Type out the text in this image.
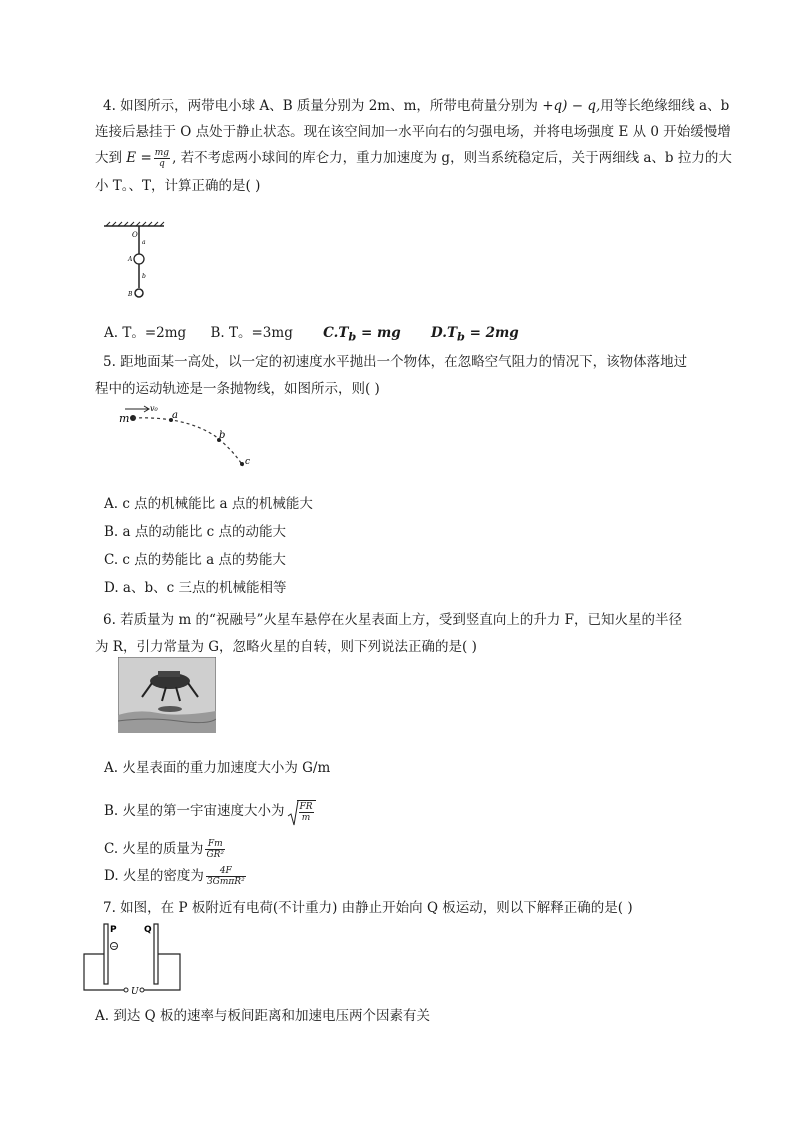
4. 如图所示，两带电小球 A、B 质量分别为 2m、m，所带电荷量分别为 +q) − q,用等长绝缘细线 a、b
连接后悬挂于 O 点处于静止状态。现在该空间加一水平向右的匀强电场，并将电场强度 E 从 0 开始缓慢增
大到 $E = \frac{mg}{q}$ , 若不考虑两小球间的库仑力，重力加速度为 g，则当系统稳定后，关于两细线 a、b 拉力的大
小 T。、T，计算正确的是( )
O
a
A
b
B
A. T。=2mg B. T。=3mg $C.T_b$ = mg $D.T_b = 2mg$
5. 距地面某一高处，以一定的初速度水平抛出一个物体，在忽略空气阻力的情况下，该物体落地过
程中的运动轨迹是一条抛物线，如图所示，则( )
m
v₀
a
b
c
A. c 点的机械能比 a 点的机械能大
B. a 点的动能比 c 点的动能大
C. c 点的势能比 a 点的势能大
D. a、b、c 三点的机械能相等
6. 若质量为 m 的“祝融号”火星车悬停在火星表面上方，受到竖直向上的升力 F，已知火星的半径
为 R，引力常量为 G，忽略火星的自转，则下列说法正确的是( )
A. 火星表面的重力加速度大小为 G/m
B. 火星的第一宇宙速度大小为 $\frac{FR}{m}$
C. 火星的质量为 $\frac{Fm}{\text{GR²}}$
D. 火星的密度为 $\frac{4F}{\text{3GmπR²}}$
7. 如图，在 P 板附近有电荷(不计重力) 由静止开始向 Q 板运动，则以下解释正确的是( )
P	Q
−
U
A. 到达 Q 板的速率与板间距离和加速电压两个因素有关
